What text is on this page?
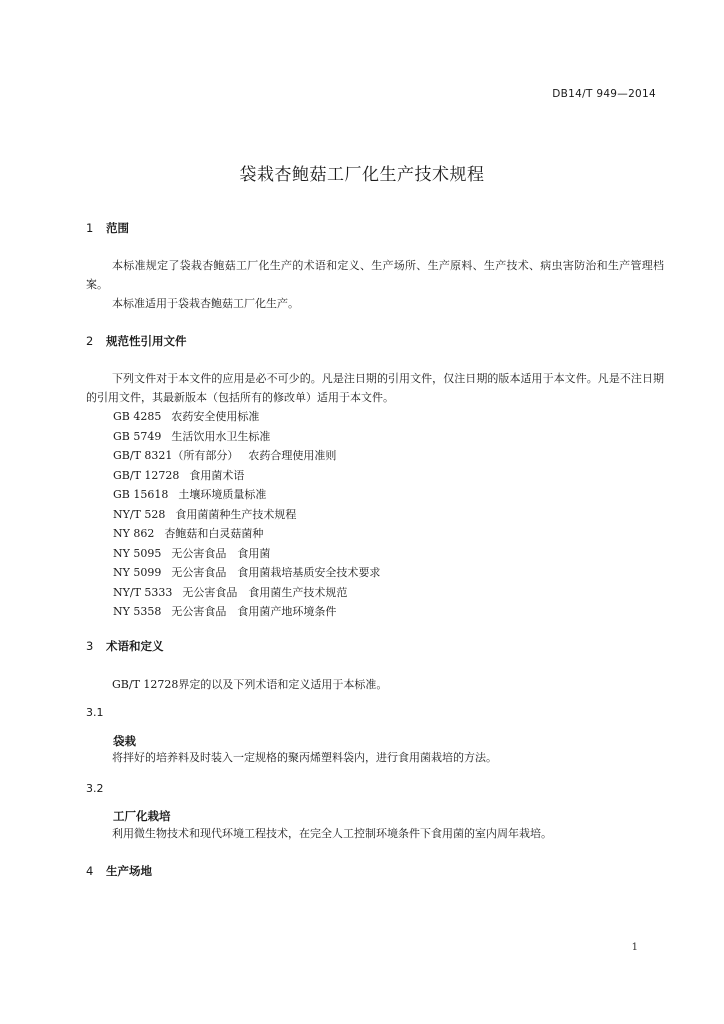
DB14/T 949—2014
袋栽杏鲍菇工厂化生产技术规程
1 范围
本标准规定了袋栽杏鲍菇工厂化生产的术语和定义、生产场所、生产原料、生产技术、病虫害防治和生产管理档案。
本标准适用于袋栽杏鲍菇工厂化生产。
2 规范性引用文件
下列文件对于本文件的应用是必不可少的。凡是注日期的引用文件，仅注日期的版本适用于本文件。凡是不注日期的引用文件，其最新版本（包括所有的修改单）适用于本文件。
GB 4285 农药安全使用标准
GB 5749 生活饮用水卫生标准
GB/T 8321（所有部分） 农药合理使用准则
GB/T 12728 食用菌术语
GB 15618 土壤环境质量标准
NY/T 528 食用菌菌种生产技术规程
NY 862 杏鲍菇和白灵菇菌种
NY 5095 无公害食品　食用菌
NY 5099 无公害食品　食用菌栽培基质安全技术要求
NY/T 5333 无公害食品　食用菌生产技术规范
NY 5358 无公害食品　食用菌产地环境条件
3 术语和定义
GB/T 12728界定的以及下列术语和定义适用于本标准。
3.1
袋栽
将拌好的培养料及时装入一定规格的聚丙烯塑料袋内，进行食用菌栽培的方法。
3.2
工厂化栽培
利用微生物技术和现代环境工程技术，在完全人工控制环境条件下食用菌的室内周年栽培。
4 生产场地
1
